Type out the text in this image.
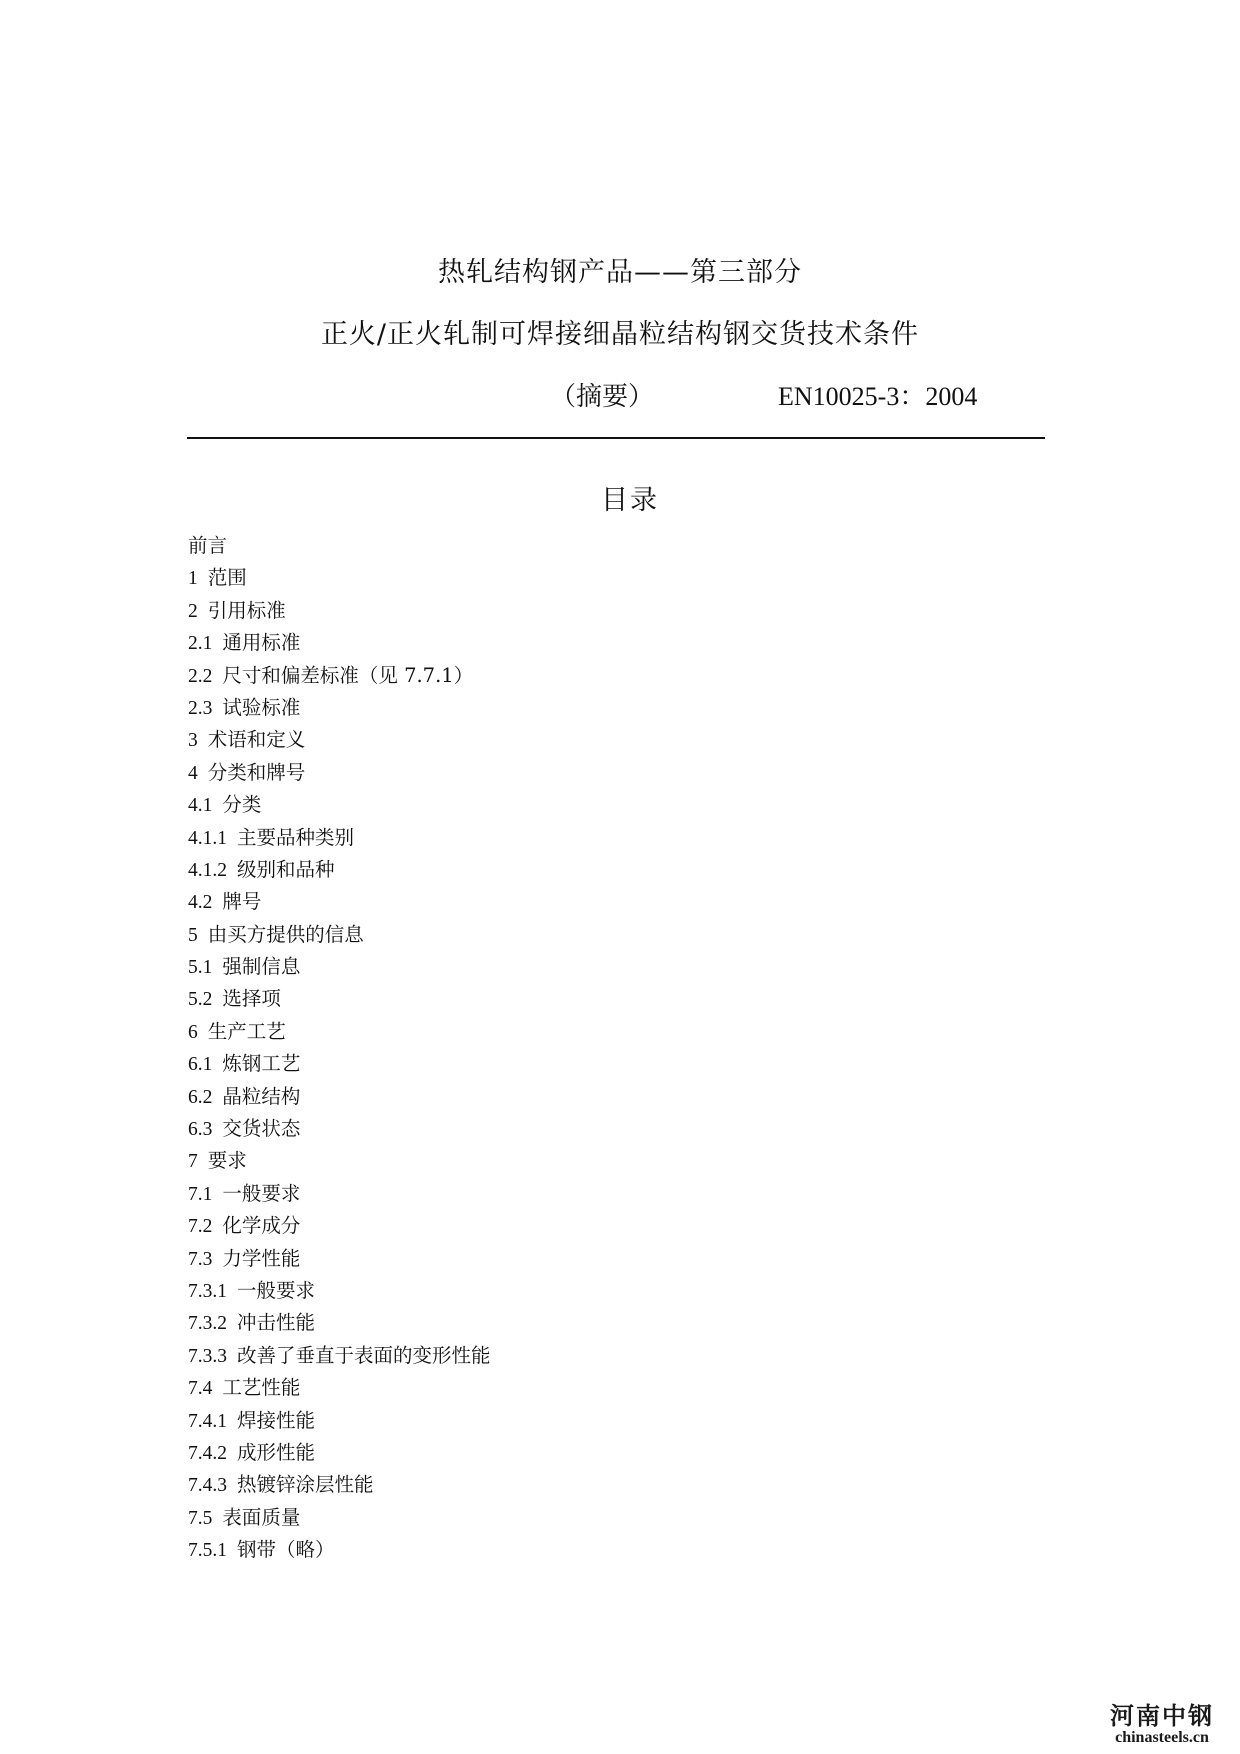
热轧结构钢产品——第三部分
正火/正火轧制可焊接细晶粒结构钢交货技术条件
（摘要）	EN10025-3：2004
目录
前言
1 范围
2 引用标准
2.1 通用标准
2.2 尺寸和偏差标准（见 7.7.1）
2.3 试验标准
3 术语和定义
4 分类和牌号
4.1 分类
4.1.1 主要品种类别
4.1.2 级别和品种
4.2 牌号
5 由买方提供的信息
5.1 强制信息
5.2 选择项
6 生产工艺
6.1 炼钢工艺
6.2 晶粒结构
6.3 交货状态
7 要求
7.1 一般要求
7.2 化学成分
7.3 力学性能
7.3.1 一般要求
7.3.2 冲击性能
7.3.3 改善了垂直于表面的变形性能
7.4 工艺性能
7.4.1 焊接性能
7.4.2 成形性能
7.4.3 热镀锌涂层性能
7.5 表面质量
7.5.1 钢带（略）
河南中钢
chinasteels.cn
